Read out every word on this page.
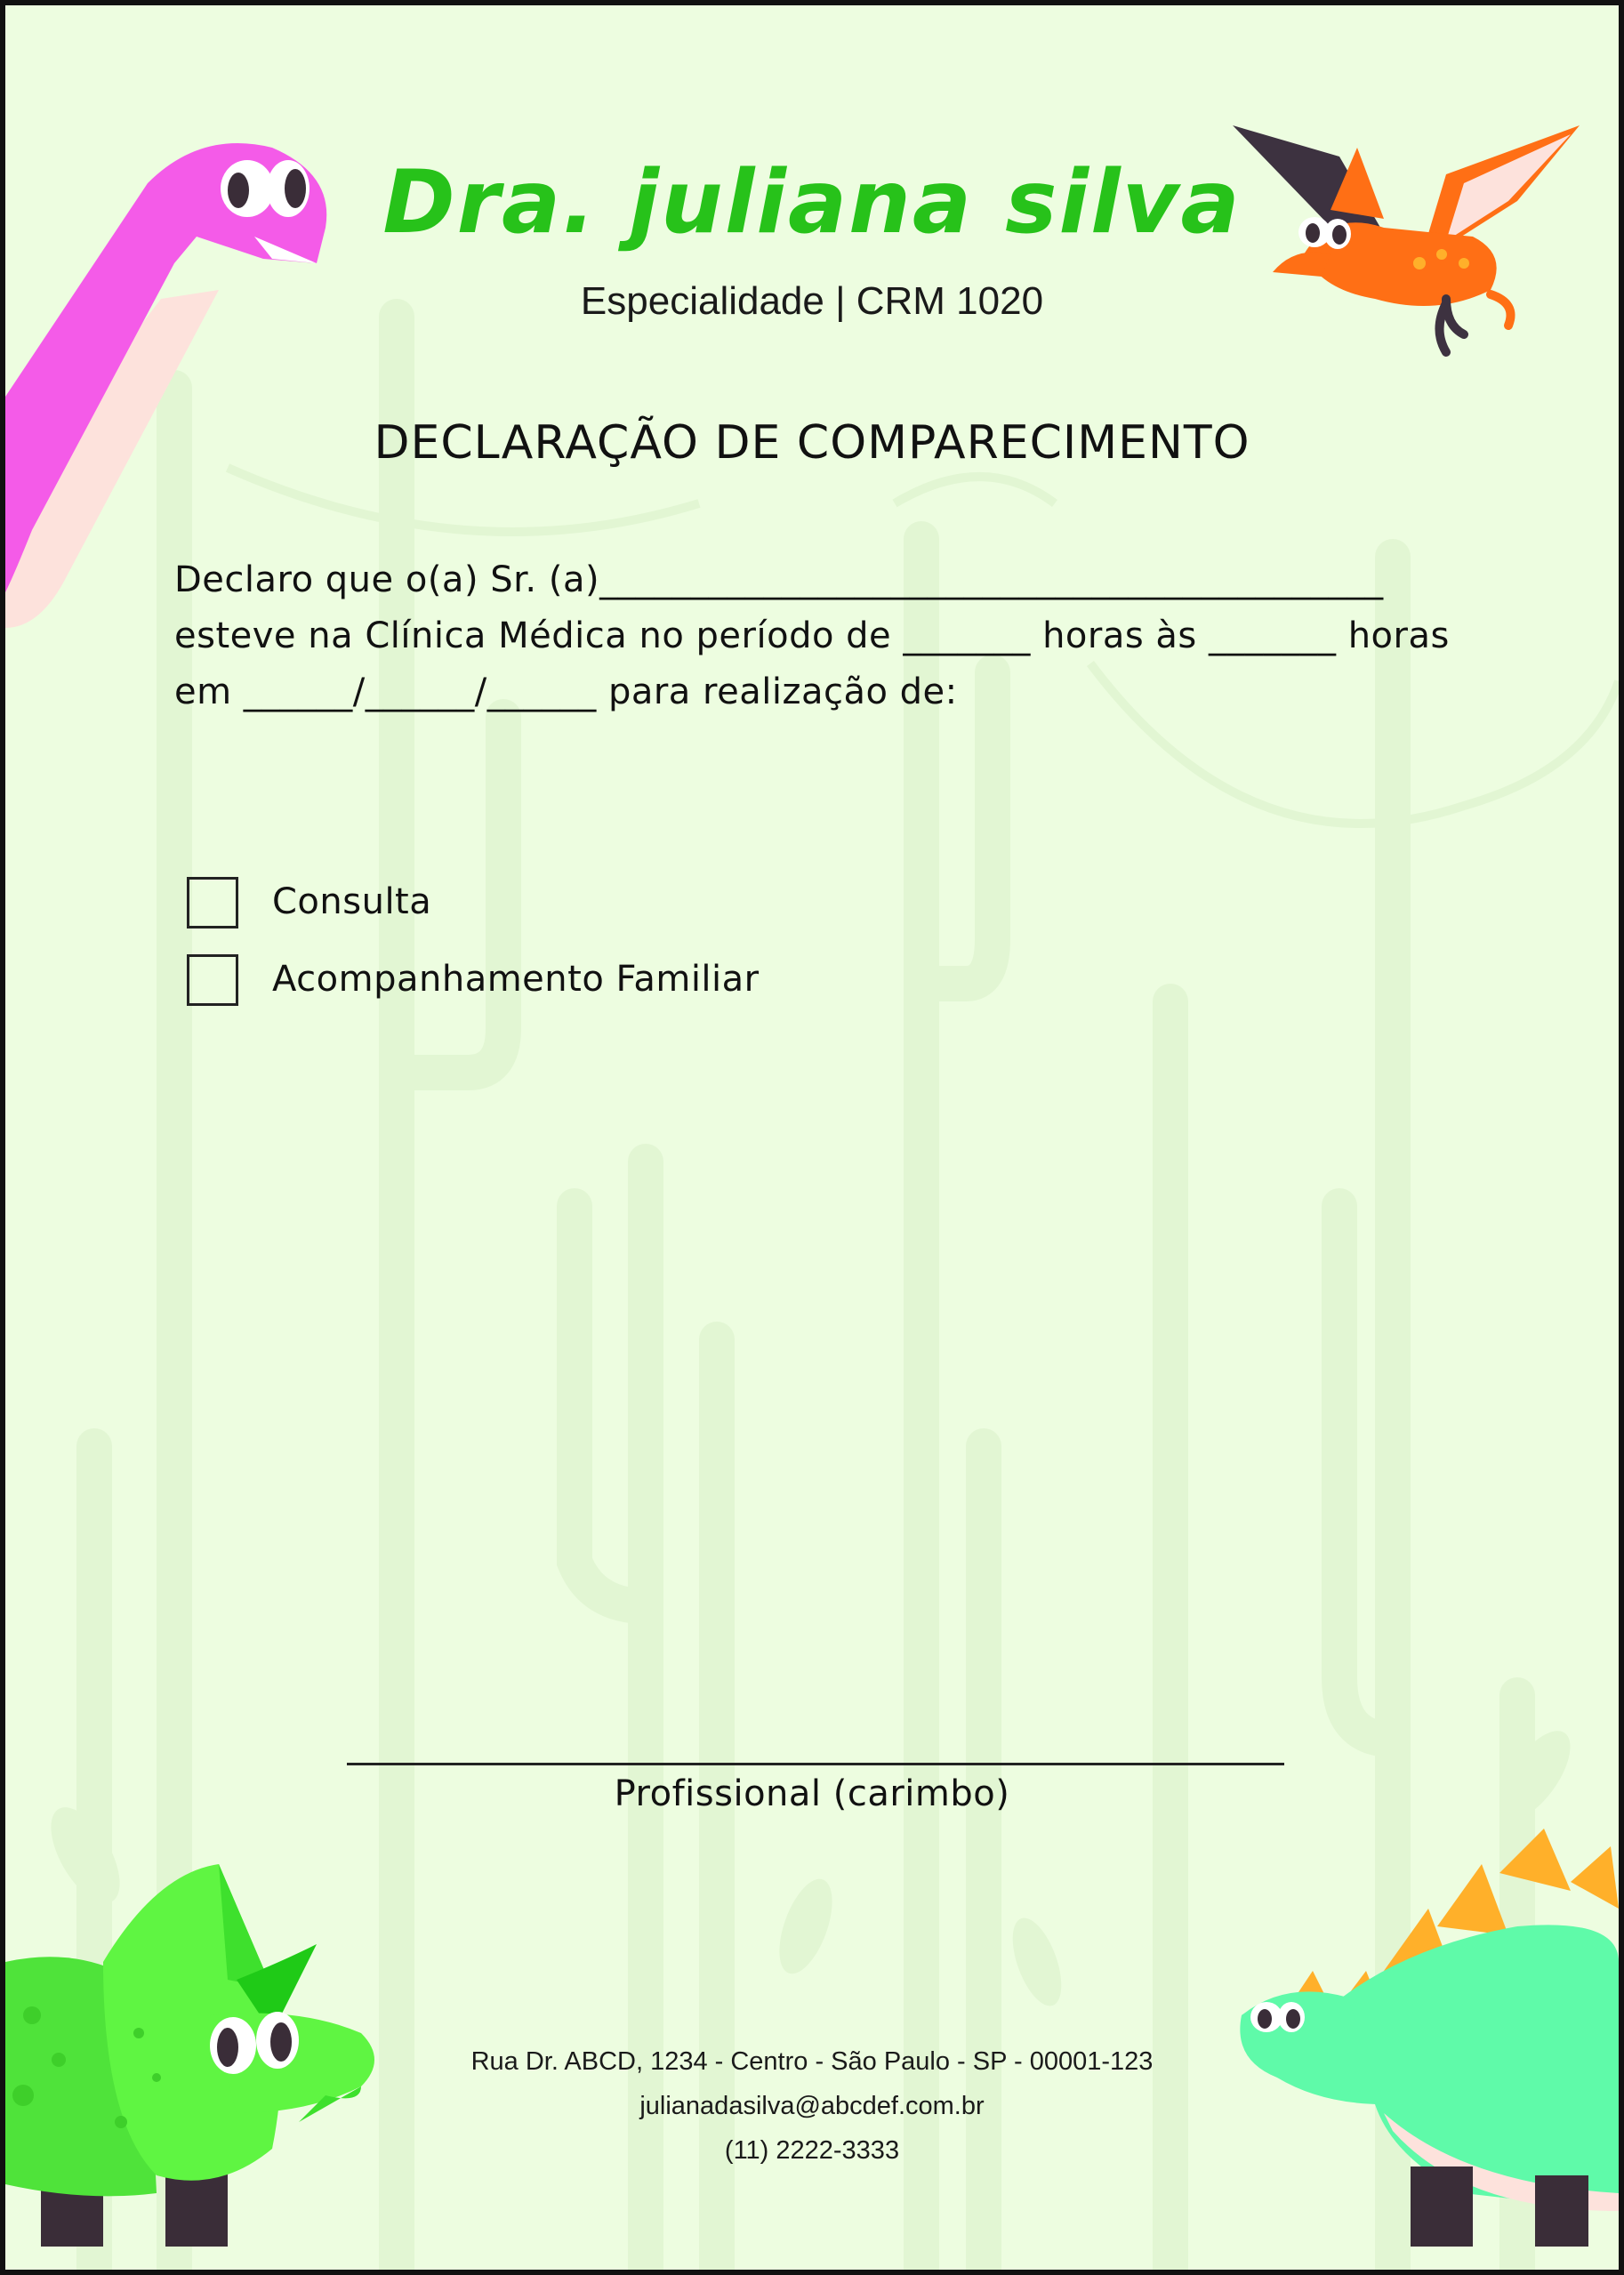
Dra. juliana silva
Especialidade | CRM 1020
DECLARAÇÃO DE COMPARECIMENTO
Declaro que o(a) Sr. (a)___________________________________________
esteve na Clínica Médica no período de _______ horas às _______ horas
em ______/______/______ para realização de:
Consulta
Acompanhamento Familiar
Profissional (carimbo)
Rua Dr. ABCD, 1234 - Centro - São Paulo - SP - 00001-123
julianadasilva@abcdef.com.br
(11) 2222-3333
